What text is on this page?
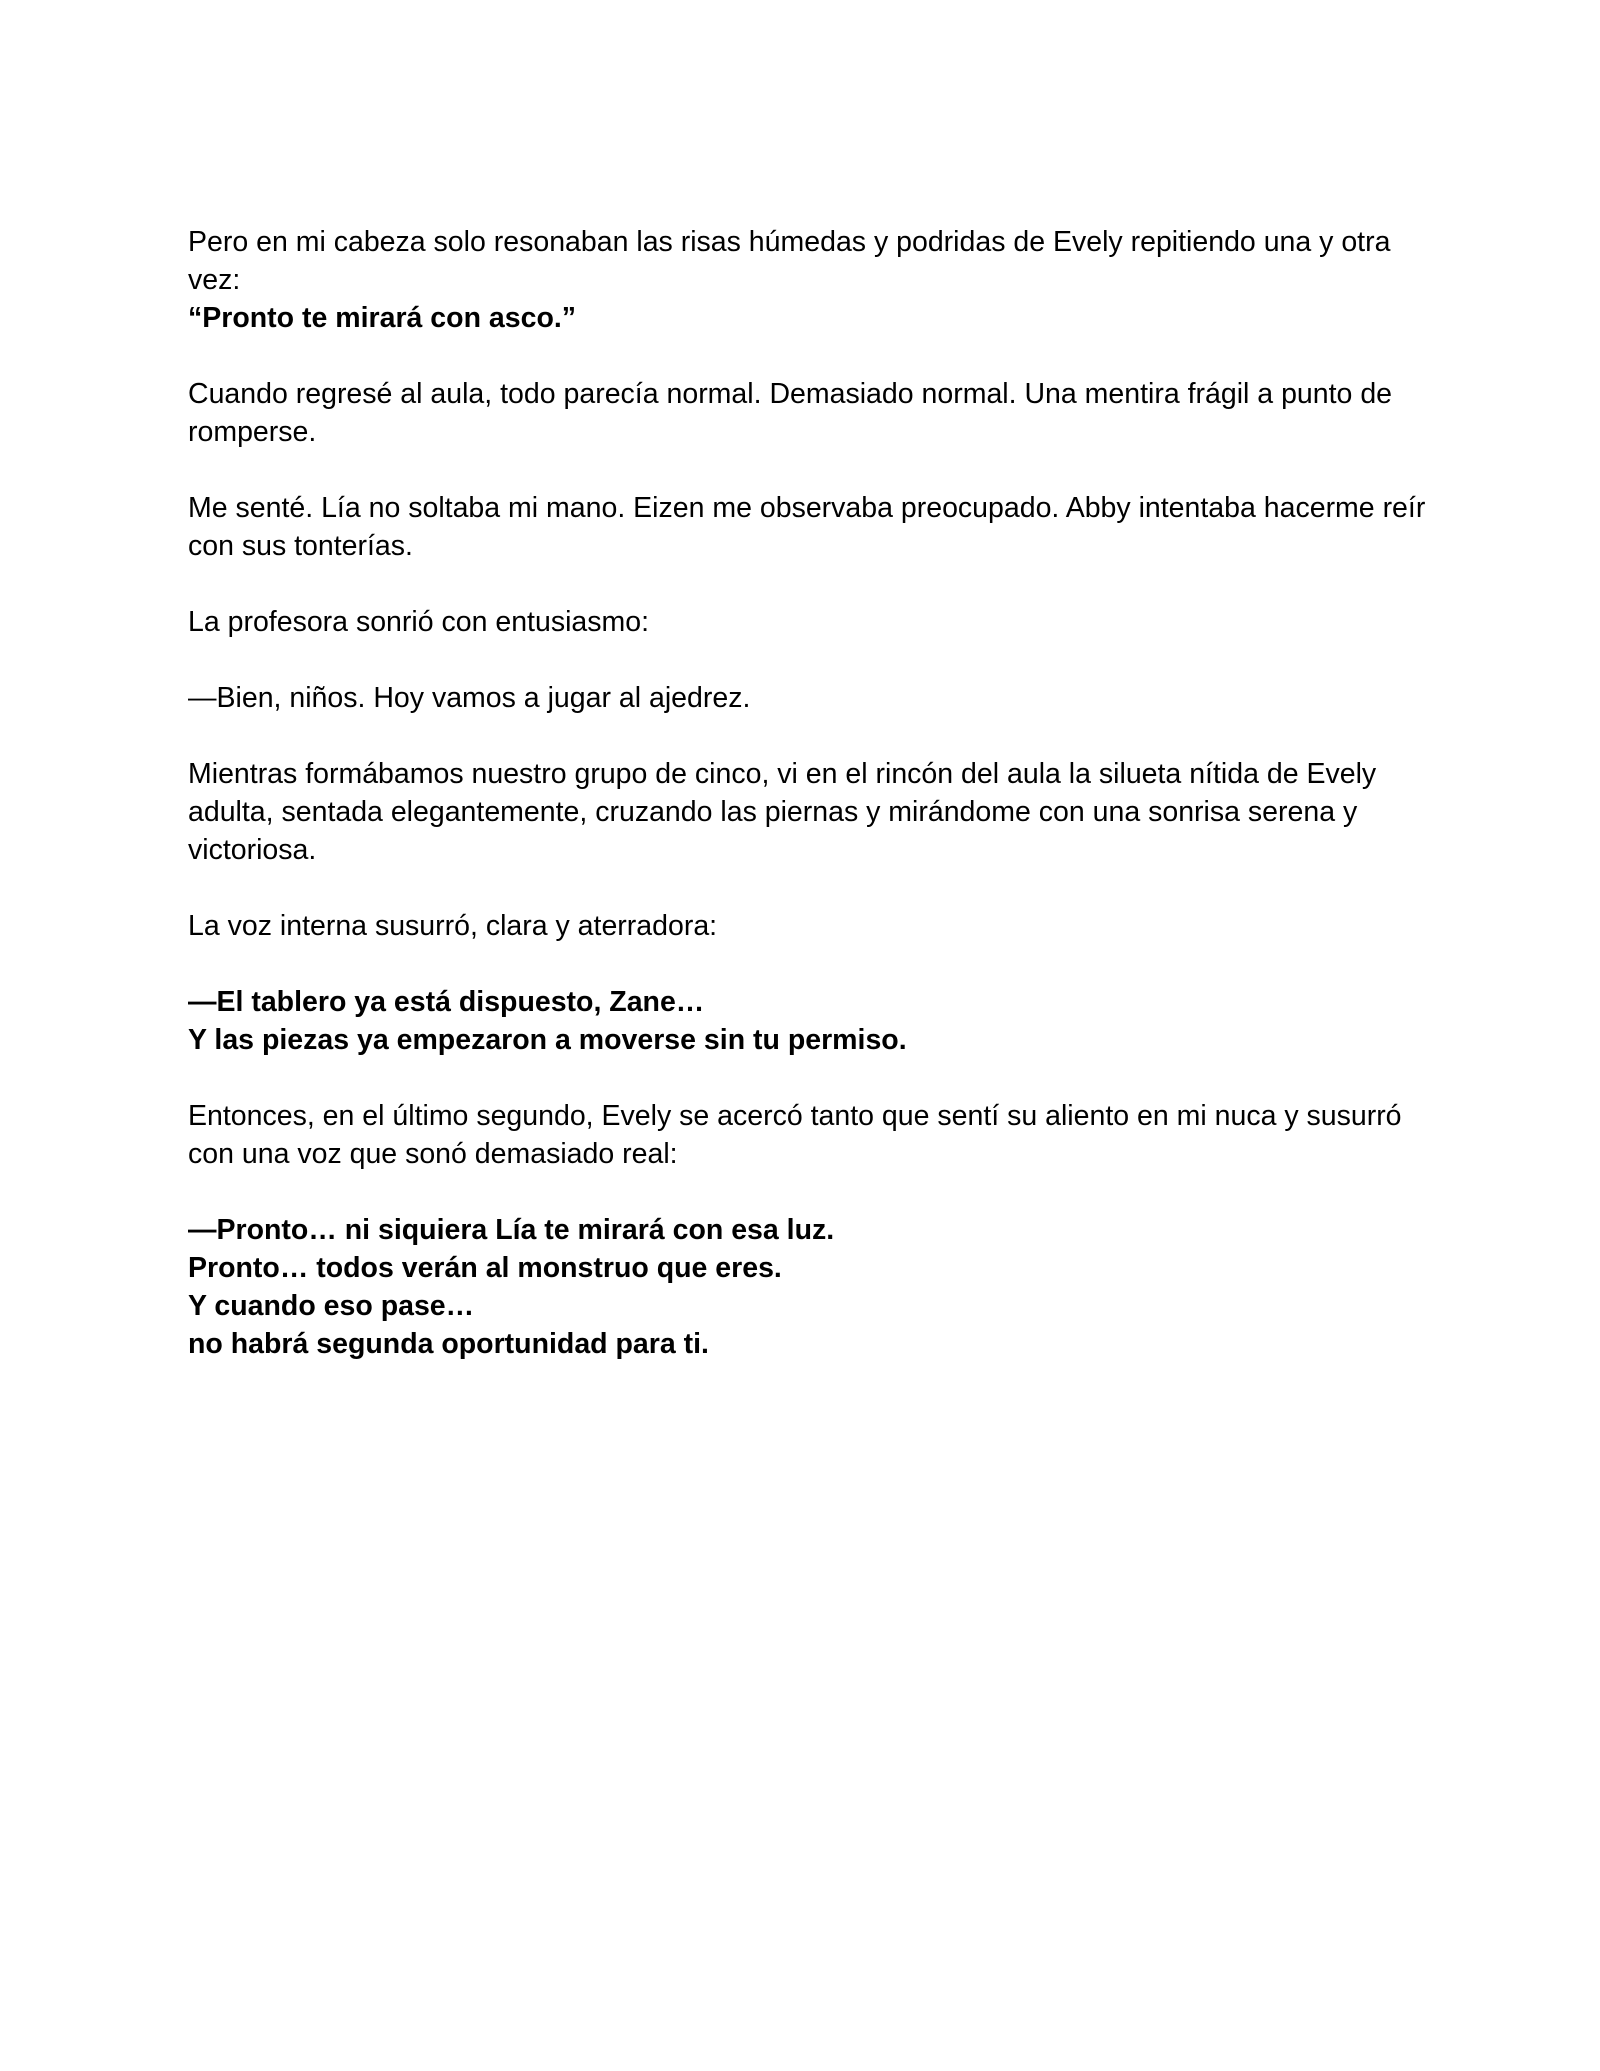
Pero en mi cabeza solo resonaban las risas húmedas y podridas de Evely repitiendo una y otra vez:

“Pronto te mirará con asco.”

Cuando regresé al aula, todo parecía normal. Demasiado normal. Una mentira frágil a punto de romperse.

Me senté. Lía no soltaba mi mano. Eizen me observaba preocupado. Abby intentaba hacerme reír con sus tonterías.

La profesora sonrió con entusiasmo:

—Bien, niños. Hoy vamos a jugar al ajedrez.

Mientras formábamos nuestro grupo de cinco, vi en el rincón del aula la silueta nítida de Evely adulta, sentada elegantemente, cruzando las piernas y mirándome con una sonrisa serena y victoriosa.

La voz interna susurró, clara y aterradora:

—El tablero ya está dispuesto, Zane…
Y las piezas ya empezaron a moverse sin tu permiso.

Entonces, en el último segundo, Evely se acercó tanto que sentí su aliento en mi nuca y susurró con una voz que sonó demasiado real:

—Pronto… ni siquiera Lía te mirará con esa luz.
Pronto… todos verán al monstruo que eres.
Y cuando eso pase…
no habrá segunda oportunidad para ti.
